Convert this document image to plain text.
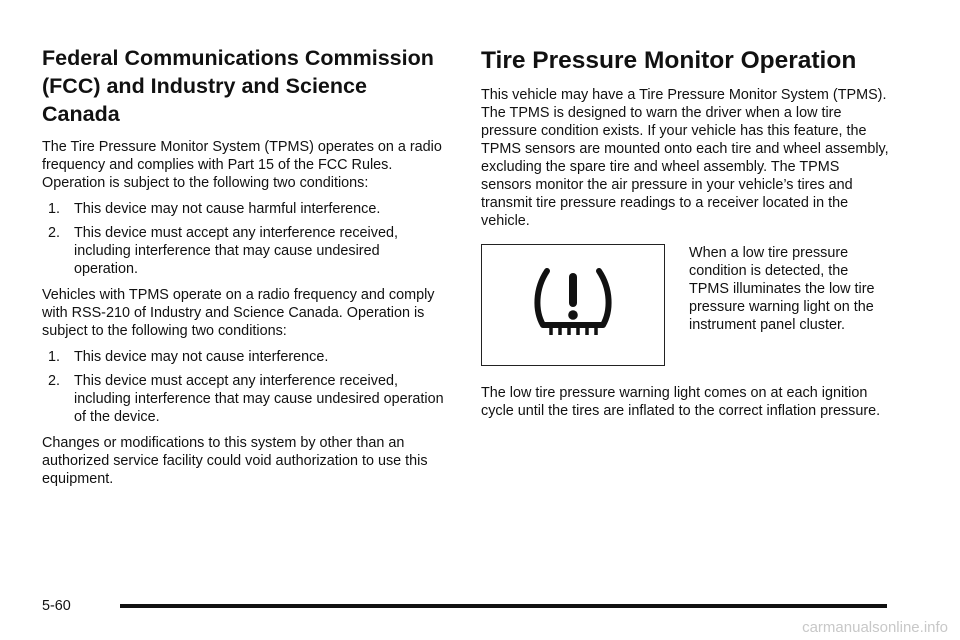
Federal Communications Commission (FCC) and Industry and Science Canada

The Tire Pressure Monitor System (TPMS) operates on a radio frequency and complies with Part 15 of the FCC Rules. Operation is subject to the following two conditions:

1. This device may not cause harmful interference.
2. This device must accept any interference received, including interference that may cause undesired operation.

Vehicles with TPMS operate on a radio frequency and comply with RSS-210 of Industry and Science Canada. Operation is subject to the following two conditions:

1. This device may not cause interference.
2. This device must accept any interference received, including interference that may cause undesired operation of the device.

Changes or modifications to this system by other than an authorized service facility could void authorization to use this equipment.

Tire Pressure Monitor Operation

This vehicle may have a Tire Pressure Monitor System (TPMS). The TPMS is designed to warn the driver when a low tire pressure condition exists. If your vehicle has this feature, the TPMS sensors are mounted onto each tire and wheel assembly, excluding the spare tire and wheel assembly. The TPMS sensors monitor the air pressure in your vehicle’s tires and transmit tire pressure readings to a receiver located in the vehicle.

When a low tire pressure condition is detected, the TPMS illuminates the low tire pressure warning light on the instrument panel cluster.

The low tire pressure warning light comes on at each ignition cycle until the tires are inflated to the correct inflation pressure.

5-60
carmanualsonline.info
